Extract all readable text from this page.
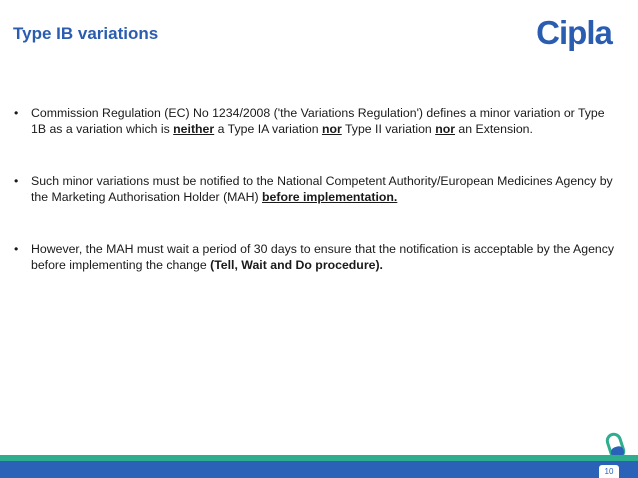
Type IB variations	Cipla
• Commission Regulation (EC) No 1234/2008 ('the Variations Regulation') defines a minor variation or Type 1B as a variation which is neither a Type IA variation nor Type II variation nor an Extension.
• Such minor variations must be notified to the National Competent Authority/European Medicines Agency by the Marketing Authorisation Holder (MAH) before implementation.
• However, the MAH must wait a period of 30 days to ensure that the notification is acceptable by the Agency before implementing the change (Tell, Wait and Do procedure).
10
